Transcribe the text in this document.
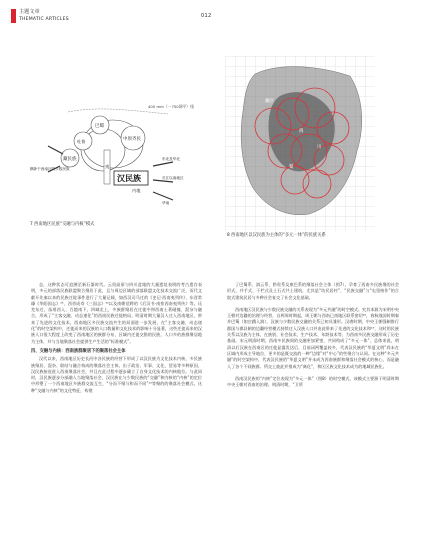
主题文章
THEMATIC ARTICLES
012
400 mm（一750调平）线
藏民族
巴蜀
中原齐民
吐鲁
夷
汉民族
内地
横卧于西南区的少数民族
东北及华北
长江以南地区
华南
7 西南地区民族“交融与内核”模式
藏区
滇
川
蜀
8 西南地区以汉民族为主体的“多元一体”的民族关系

态，这种状态可追溯至新石器时代。云贵高原与四川盆地的大量遗址表明的考古遗存表明，多元的部落民族联盟聚合聚居于此，且与周边区域的部落联盟文化技术交流广泛，而代文献开先秦以来的民族迁徙事件进行了大量记载，如西汉司马迁的《史记·西南夷列传》、东晋常璩《华阳国志》³⁵、西晋成寿《三国志》³⁶以及南朝范晔的《后汉书·南蛮西南夷列传》等。氐羌东迁、苗瑶西入、百越南下，四域北上，多族群聚居在迁徙中和西南土著碰撞、混杂与融合，形成了“主客交融、动态递化”的西南民族迁徙格局。明清时期大量汉人迁入西南地区，带来了先进的文化技术，西南地区多民族交流共生的局面进一步发展，在“主客交融、动态递化”的时空架构中，迁徙而来的汉族的人口数量和文化技术的影响十分显著，这些迁徙而来的汉族人口很大程度上改变了西南地区的族群分布，区域内迁徙交错的民族，人口多的族群聚居地为主体，并与当地聚落社会提供生产生活的“标准模式”。

四、交融与内核：西南族群聚居下的聚落社会主体

汉代以来，西南地区历史长河中各民族的经营下形成了以汉民族为文化技术内核，多民族族聚居、混杂、联结与融合构成的聚落社会主体，出于政治、军事、文化、贸易等多种原因，汉民族接连进入西南聚落社会，并且在此过程中逐步确立了自身文化技术的内核地位。与此同时，汉民族逐步分部融入当地聚落社会，汉民族在与少数民族的“交融”和内核的“内核”的定位中形塑了一个西南地区多族群交流互生，“分而不聚与和而不同”¹³等聚的的聚落社会模式。这种“交融与内核”的文化特征，构建

了巴蜀系、滇云系、黔贵系及康巴系的聚落社会主体（图7），孕育了西南多民族聚的社会形式，并手式、干栏式及土石式共土建筑，尤其是“坊民居村”、“民族交融”与“屯垦格作”的合院式建筑民居与多种社会复交了社会文化基础。

西南地区汉民族与少数民族交融的关系表现为“多元共融”的时空模式。究其本源为宋明中央王朝对边疆的治理与经营，自两周时期起，周王朝与西南已南地区联系密切²⁸，春秋战国时期秦并巴蜀（如庄蹻入滇），汉族与少数民族交融的关系已初具雏形。汉唐时期，中央王朝强制推行郡国与郡县制的边疆经营模式持续迁入汉族人口并由此带来了先进的文化技术和¹⁹，这时的民族关系以汉族为主体，在族别、社会技术、生产技术、年龄技术等，为西南多民族交融形成了历史基础。宋元明清时期，西南多民族间的交融更加紧密，共同构成了“多元一体”，总体来说，明清以后汉族在西南区的迁徙显露发达后，目前闭两覆盖较多，代表汉民族的“华夏文明”尚未在区域内形成主导地位，更多的是既交流的一种“边缘”对“中心”的些聚合与认同。在这种“多元共融”的时空架构中，代表汉民族的“华夏文明”并未成为西南族群和聚落社会模式的核心，而是融入了各个不同族群。所交上彼此并推成为“离化”，和区区族文化技术成为的地域民族化。

西南汉民族的“内核”定位表现为“多元一体”（图8）的时空模式，该模式主要源于明清时期中央王朝对西南的治理。明清时期，“卫所
